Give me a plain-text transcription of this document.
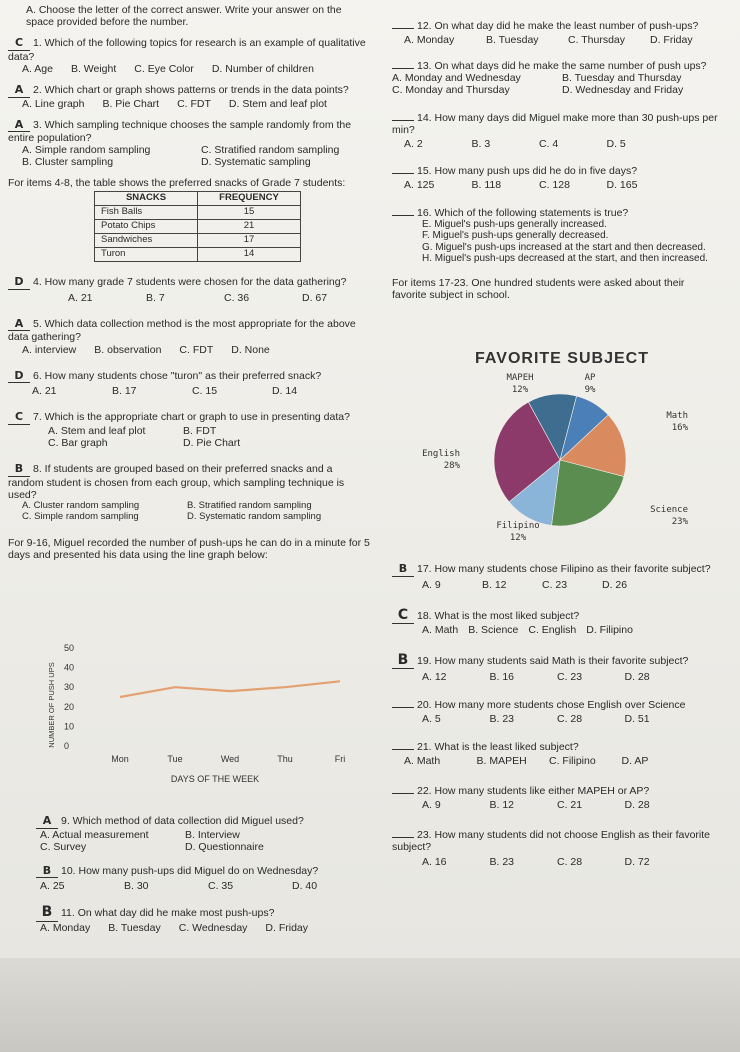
A. Choose the letter of the correct answer. Write your answer on the space provided before the number.
C 1. Which of the following topics for research is an example of qualitative data?
A. Age B. Weight C. Eye Color D. Number of children
A 2. Which chart or graph shows patterns or trends in the data points?
A. Line graph B. Pie Chart C. FDT D. Stem and leaf plot
A 3. Which sampling technique chooses the sample randomly from the entire population?
A. Simple random sampling	C. Stratified random sampling
B. Cluster sampling	D. Systematic sampling
For items 4-8, the table shows the preferred snacks of Grade 7 students:
SNACKS	FREQUENCY
Fish Balls	15
Potato Chips	21
Sandwiches	17
Turon	14
D 4. How many grade 7 students were chosen for the data gathering?
A. 21	B. 7	C. 36	D. 67
A 5. Which data collection method is the most appropriate for the above data gathering?
A. interview B. observation C. FDT D. None
D 6. How many students chose "turon" as their preferred snack?
A. 21	B. 17	C. 15	D. 14
C 7. Which is the appropriate chart or graph to use in presenting data?
A. Stem and leaf plot	B. FDT
C. Bar graph	D. Pie Chart
B 8. If students are grouped based on their preferred snacks and a random student is chosen from each group, which sampling technique is used?
A. Cluster random sampling	B. Stratified random sampling
C. Simple random sampling	D. Systematic random sampling
For 9-16, Miguel recorded the number of push-ups he can do in a minute for 5 days and presented his data using the line graph below:
0
10
20
30
40
50
Mon	Tue	Wed	Thu	Fri
DAYS OF THE WEEK
NUMBER OF PUSH UPS
A 9. Which method of data collection did Miguel used?
A. Actual measurement	B. Interview
C. Survey	D. Questionnaire
B 10. How many push-ups did Miguel do on Wednesday?
A. 25	B. 30	C. 35	D. 40
B 11. On what day did he make most push-ups?
A. Monday B. Tuesday C. Wednesday D. Friday
12. On what day did he make the least number of push-ups?
A. Monday	B. Tuesday	C. Thursday	D. Friday
13. On what days did he make the same number of push ups?
A. Monday and Wednesday	B. Tuesday and Thursday
C. Monday and Thursday	D. Wednesday and Friday
14. How many days did Miguel make more than 30 push-ups per min?
A. 2	B. 3	C. 4	D. 5
15. How many push ups did he do in five days?
A. 125	B. 118	C. 128	D. 165
16. Which of the following statements is true?
E. Miguel's push-ups generally increased.
F. Miguel's push-ups generally decreased.
G. Miguel's push-ups increased at the start and then decreased.
H. Miguel's push-ups decreased at the start, and then increased.
For items 17-23. One hundred students were asked about their favorite subject in school.
FAVORITE SUBJECT
MAPEH
12%
AP
9%
Math
16%
Science
23%
Filipino
12%
English
28%
B 17. How many students chose Filipino as their favorite subject?
A. 9	B. 12	C. 23	D. 26
C 18. What is the most liked subject?
A. Math B. Science C. English D. Filipino
B 19. How many students said Math is their favorite subject?
A. 12	B. 16	C. 23	D. 28
20. How many more students chose English over Science
A. 5	B. 23	C. 28	D. 51
21. What is the least liked subject?
A. Math	B. MAPEH	C. Filipino	D. AP
22. How many students like either MAPEH or AP?
A. 9	B. 12	C. 21	D. 28
23. How many students did not choose English as their favorite subject?
A. 16	B. 23	C. 28	D. 72
